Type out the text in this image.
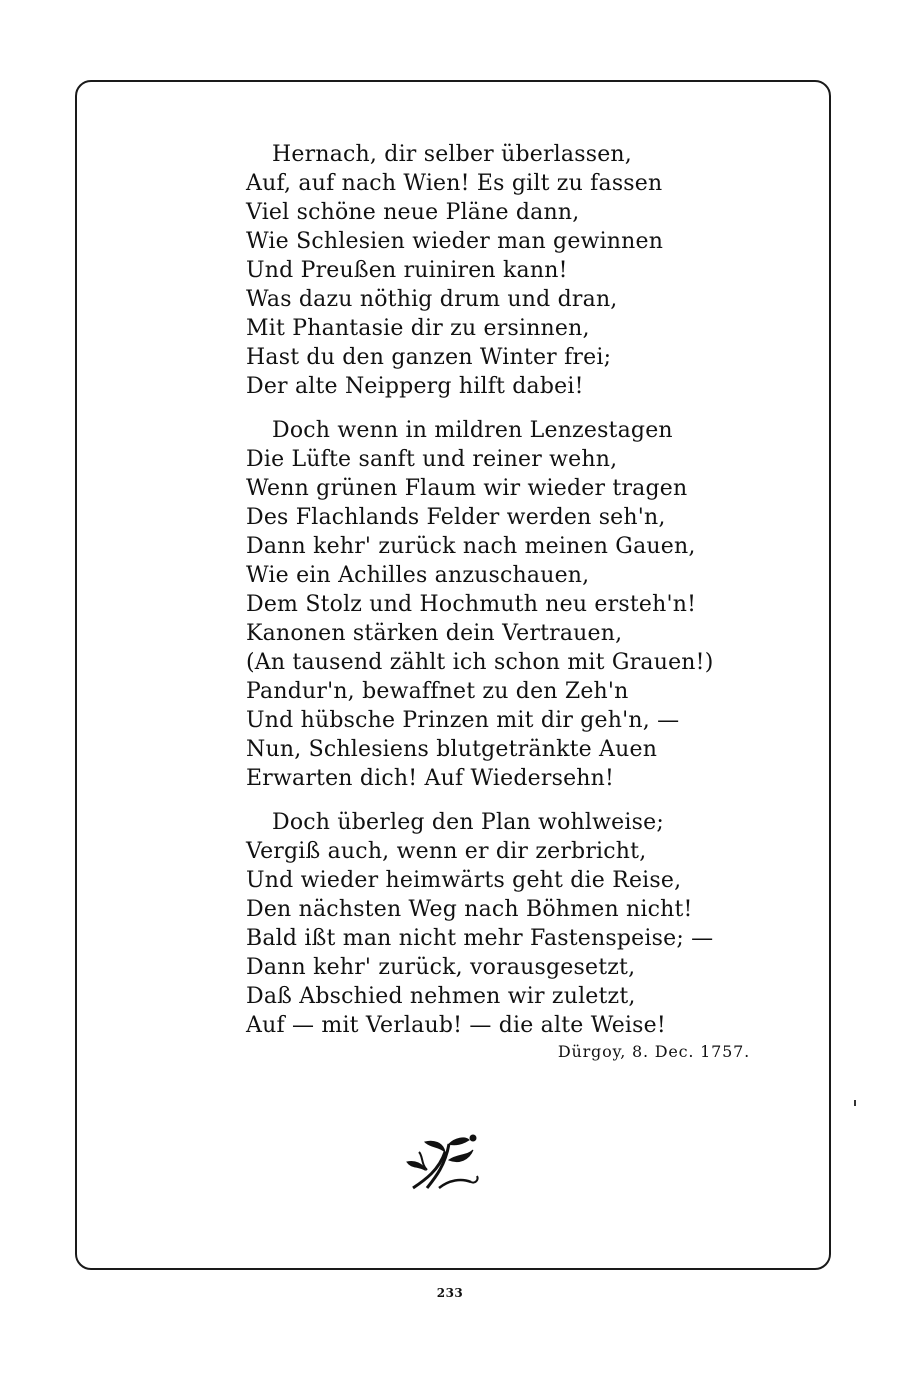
Hernach, dir selber überlassen,
Auf, auf nach Wien! Es gilt zu fassen
Viel schöne neue Pläne dann,
Wie Schlesien wieder man gewinnen
Und Preußen ruiniren kann!
Was dazu nöthig drum und dran,
Mit Phantasie dir zu ersinnen,
Hast du den ganzen Winter frei;
Der alte Neipperg hilft dabei!
Doch wenn in mildren Lenzestagen
Die Lüfte sanft und reiner wehn,
Wenn grünen Flaum wir wieder tragen
Des Flachlands Felder werden seh'n,
Dann kehr' zurück nach meinen Gauen,
Wie ein Achilles anzuschauen,
Dem Stolz und Hochmuth neu ersteh'n!
Kanonen stärken dein Vertrauen,
(An tausend zählt ich schon mit Grauen!)
Pandur'n, bewaffnet zu den Zeh'n
Und hübsche Prinzen mit dir geh'n, —
Nun, Schlesiens blutgetränkte Auen
Erwarten dich! Auf Wiedersehn!
Doch überleg den Plan wohlweise;
Vergiß auch, wenn er dir zerbricht,
Und wieder heimwärts geht die Reise,
Den nächsten Weg nach Böhmen nicht!
Bald ißt man nicht mehr Fastenspeise; —
Dann kehr' zurück, vorausgesetzt,
Daß Abschied nehmen wir zuletzt,
Auf — mit Verlaub! — die alte Weise!
Dürgoy, 8. Dec. 1757.
233
